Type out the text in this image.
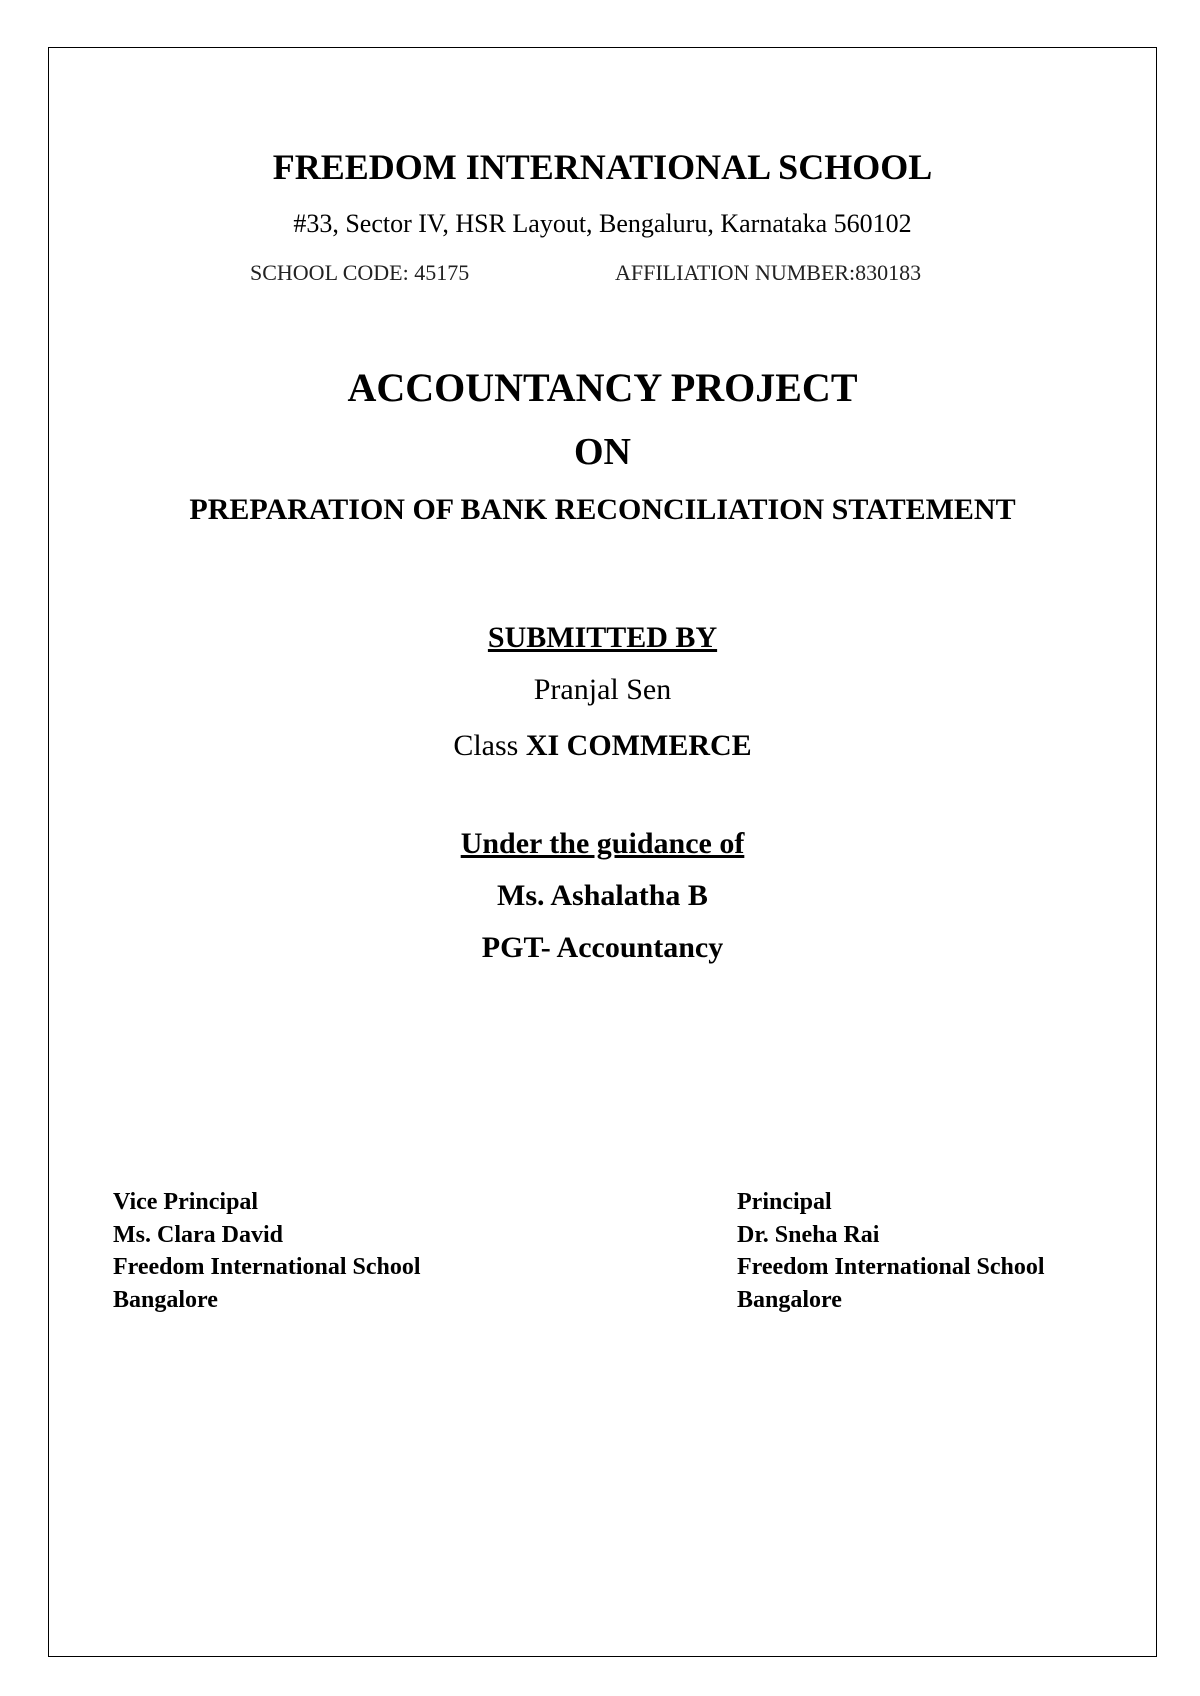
FREEDOM INTERNATIONAL SCHOOL

#33, Sector IV, HSR Layout, Bengaluru, Karnataka 560102

SCHOOL CODE: 45175	AFFILIATION NUMBER:830183

ACCOUNTANCY PROJECT
ON
PREPARATION OF BANK RECONCILIATION STATEMENT

SUBMITTED BY

Pranjal Sen

Class XI COMMERCE

Under the guidance of

Ms. Ashalatha B

PGT- Accountancy

Vice Principal
Ms. Clara David
Freedom International School
Bangalore
Principal
Dr. Sneha Rai
Freedom International School
Bangalore
